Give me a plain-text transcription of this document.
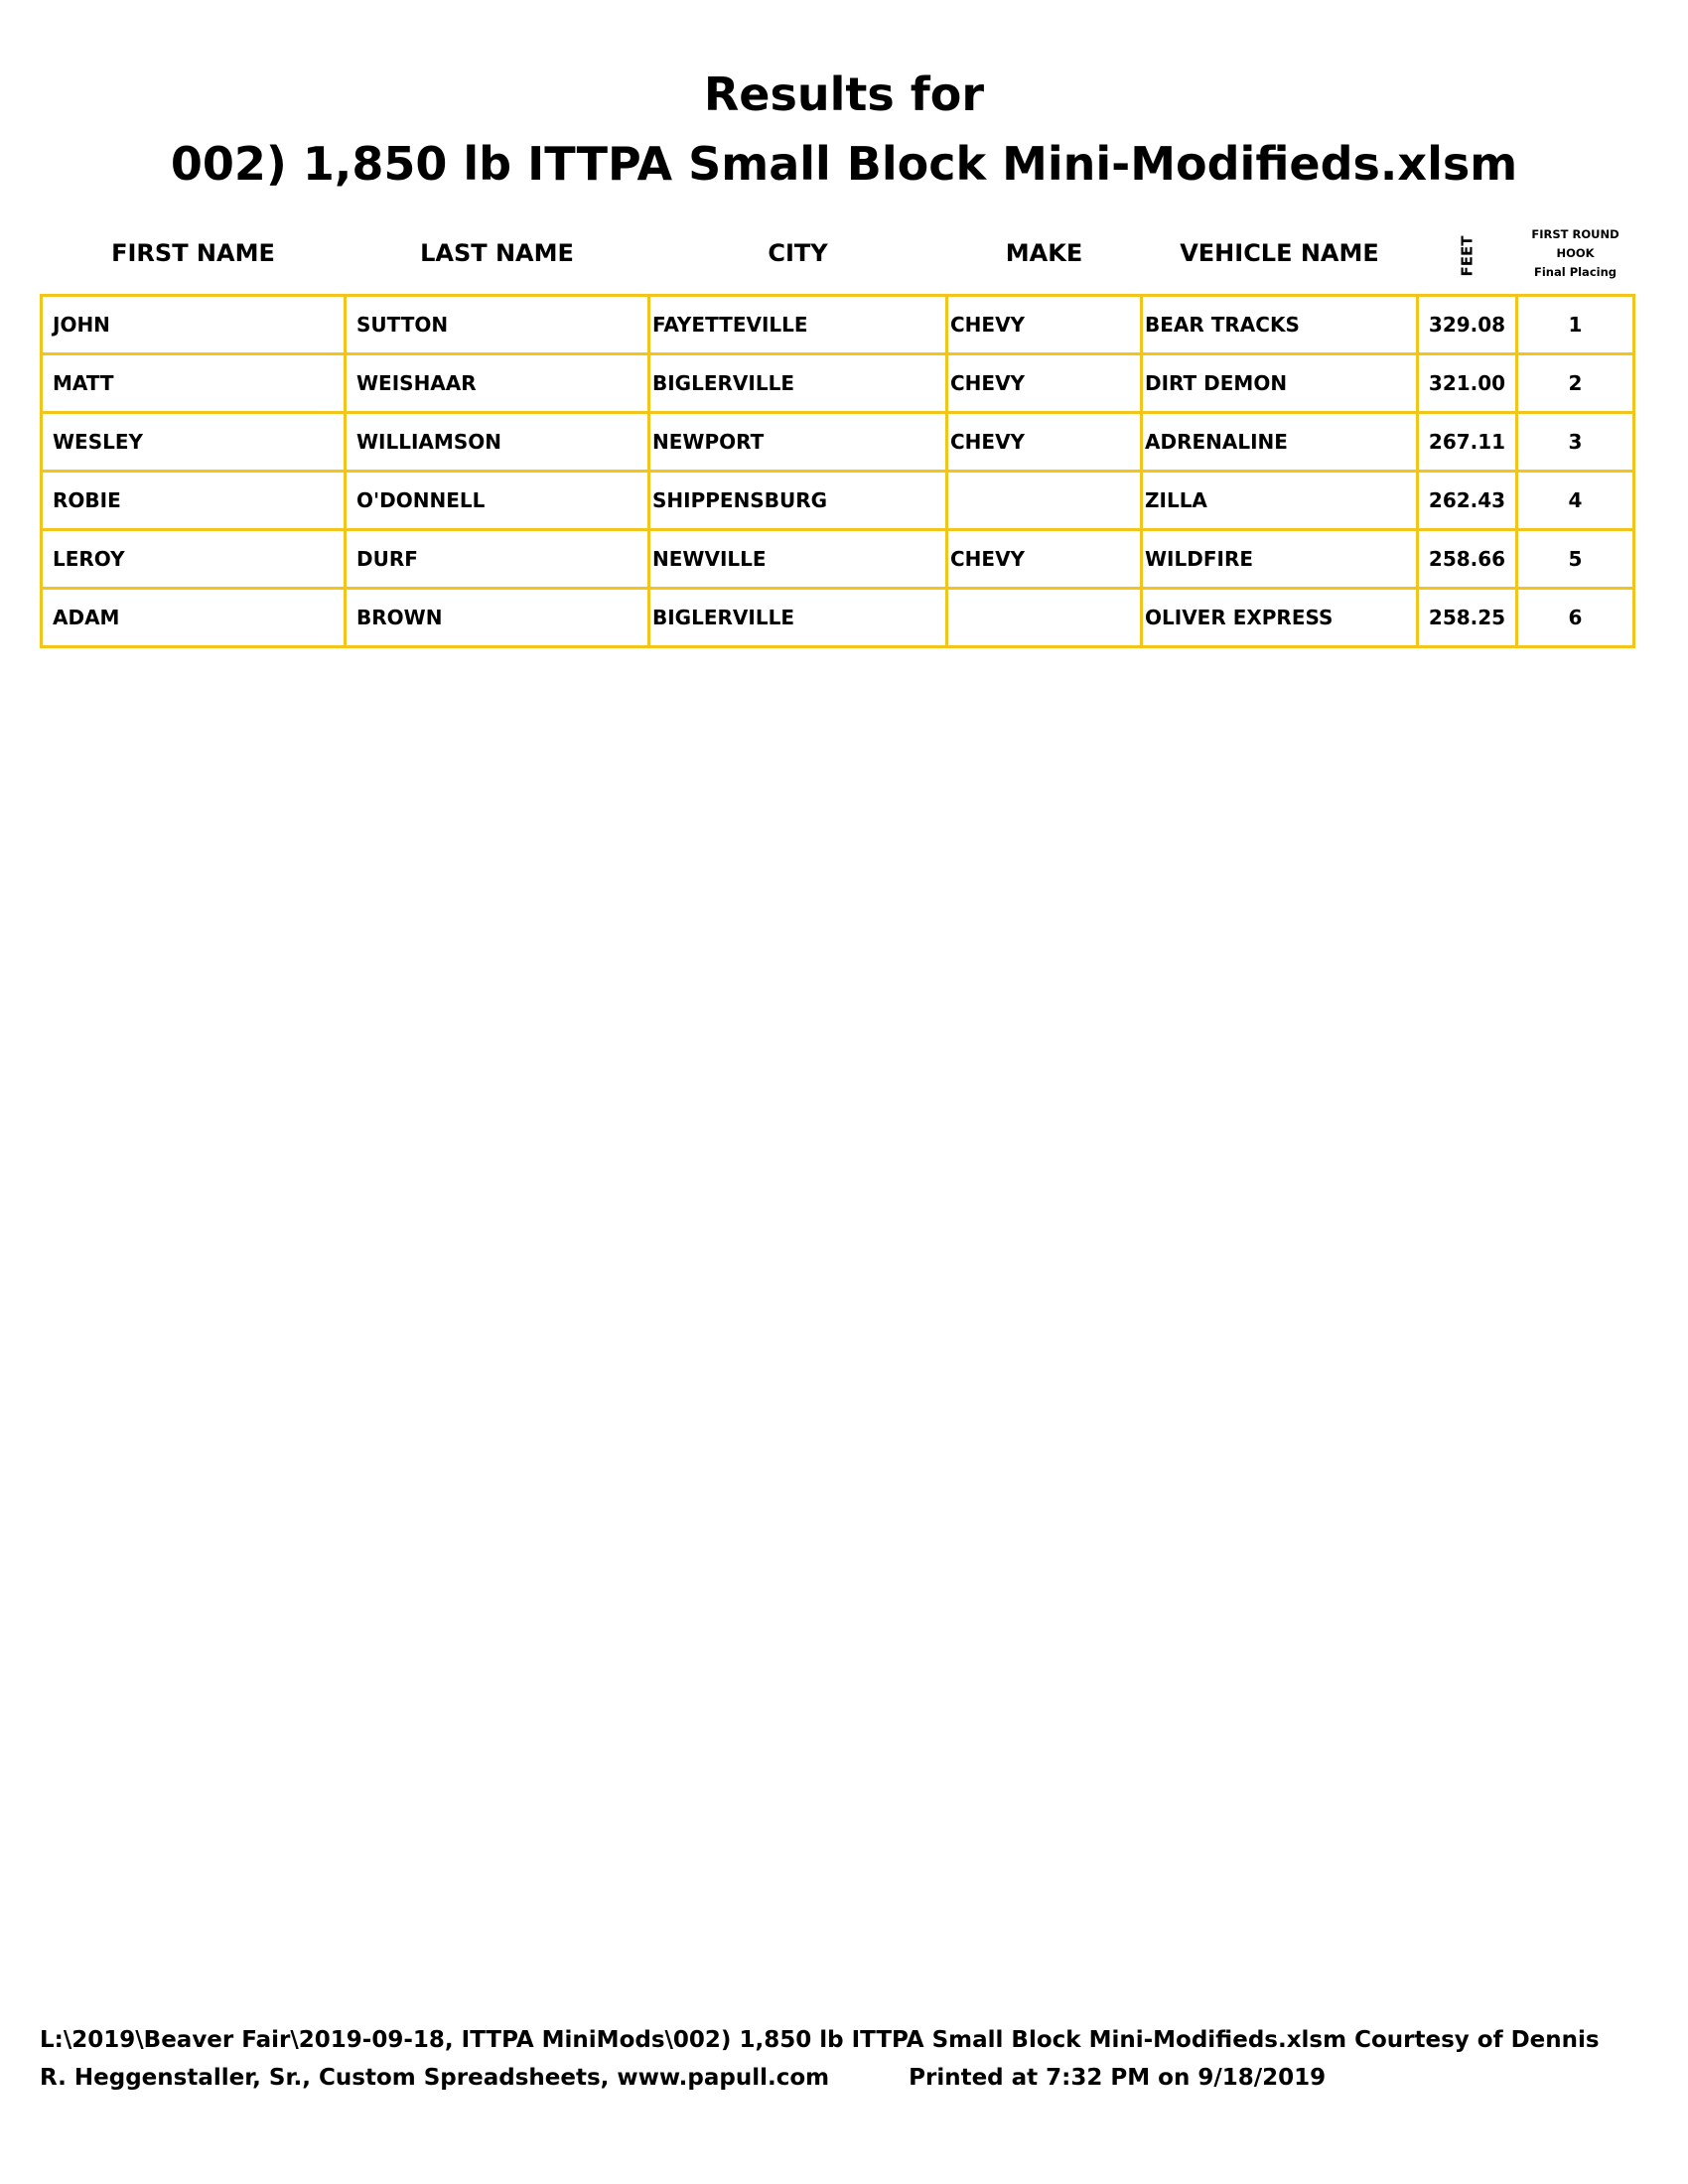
Results for
002) 1,850 lb ITTPA Small Block Mini-Modifieds.xlsm
FIRST NAME	LAST NAME	CITY	MAKE	VEHICLE NAME	FEET	FIRST ROUND
HOOK
Final Placing

JOHN	SUTTON	FAYETTEVILLE	CHEVY	BEAR TRACKS	329.08	1
MATT	WEISHAAR	BIGLERVILLE	CHEVY	DIRT DEMON	321.00	2
WESLEY	WILLIAMSON	NEWPORT	CHEVY	ADRENALINE	267.11	3
ROBIE	O'DONNELL	SHIPPENSBURG		ZILLA	262.43	4
LEROY	DURF	NEWVILLE	CHEVY	WILDFIRE	258.66	5
ADAM	BROWN	BIGLERVILLE		OLIVER EXPRESS	258.25	6
L:\2019\Beaver Fair\2019-09-18, ITTPA MiniMods\002) 1,850 lb ITTPA Small Block Mini-Modifieds.xlsm Courtesy of Dennis
R. Heggenstaller, Sr., Custom Spreadsheets, www.papull.com	Printed at 7:32 PM on 9/18/2019
